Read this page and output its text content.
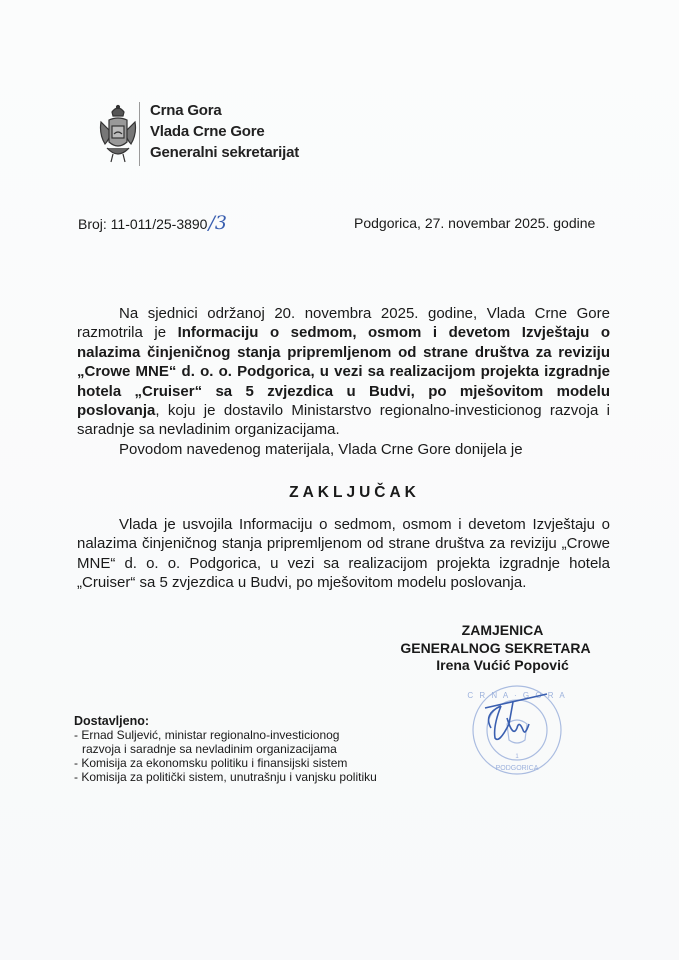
Crna Gora
Vlada Crne Gore
Generalni sekretarijat
Broj: 11-011/25-3890/3	Podgorica, 27. novembar 2025. godine
Na sjednici održanoj 20. novembra 2025. godine, Vlada Crne Gore razmotrila je Informaciju o sedmom, osmom i devetom Izvještaju o nalazima činjeničnog stanja pripremljenom od strane društva za reviziju „Crowe MNE“ d. o. o. Podgorica, u vezi sa realizacijom projekta izgradnje hotela „Cruiser“ sa 5 zvjezdica u Budvi, po mješovitom modelu poslovanja, koju je dostavilo Ministarstvo regionalno-investicionog razvoja i saradnje sa nevladinim organizacijama.
Povodom navedenog materijala, Vlada Crne Gore donijela je
ZAKLJUČAK
Vlada je usvojila Informaciju o sedmom, osmom i devetom Izvještaju o nalazima činjeničnog stanja pripremljenom od strane društva za reviziju „Crowe MNE“ d. o. o. Podgorica, u vezi sa realizacijom projekta izgradnje hotela „Cruiser“ sa 5 zvjezdica u Budvi, po mješovitom modelu poslovanja.
ZAMJENICA
GENERALNOG SEKRETARA
Irena Vućić Popović
C R N A · G O R A
1
PODGORICA
Dostavljeno:
- Ernad Suljević, ministar regionalno-investicionog
razvoja i saradnje sa nevladinim organizacijama
- Komisija za ekonomsku politiku i finansijski sistem
- Komisija za politički sistem, unutrašnju i vanjsku politiku
